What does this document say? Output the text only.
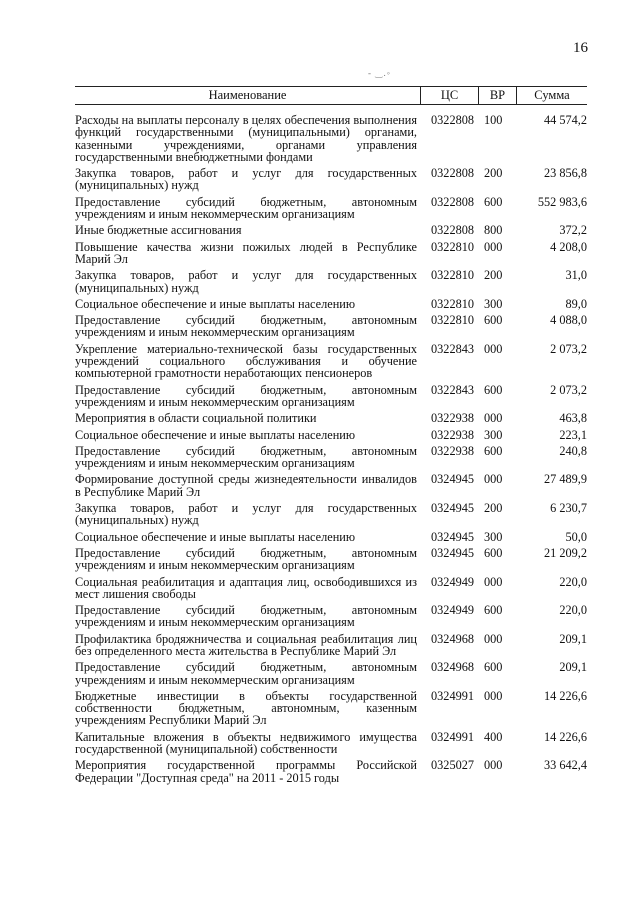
16
- ‿.◦
Наименование	ЦС	ВР	Сумма
Расходы на выплаты персоналу в целях обеспечения выполнения функций государственными (муниципальными) органами, казенными учреждениями, органами управления государственными внебюджетными фондами
0322808 100	44 574,2
Закупка товаров, работ и услуг для государственных (муниципальных) нужд
0322808 200	23 856,8
Предоставление субсидий бюджетным, автономным учреждениям и иным некоммерческим организациям
0322808 600	552 983,6
Иные бюджетные ассигнования	0322808 800	372,2
Повышение качества жизни пожилых людей в Республике Марий Эл
0322810 000	4 208,0
Закупка товаров, работ и услуг для государственных (муниципальных) нужд
0322810 200	31,0
Социальное обеспечение и иные выплаты населению	0322810 300	89,0
Предоставление субсидий бюджетным, автономным учреждениям и иным некоммерческим организациям
0322810 600	4 088,0
Укрепление материально-технической базы государственных учреждений социального обслуживания и обучение компьютерной грамотности неработающих пенсионеров
0322843 000	2 073,2
Предоставление субсидий бюджетным, автономным учреждениям и иным некоммерческим организациям
0322843 600	2 073,2
Мероприятия в области социальной политики	0322938 000	463,8
Социальное обеспечение и иные выплаты населению	0322938 300	223,1
Предоставление субсидий бюджетным, автономным учреждениям и иным некоммерческим организациям
0322938 600	240,8
Формирование доступной среды жизнедеятельности инвалидов в Республике Марий Эл
0324945 000	27 489,9
Закупка товаров, работ и услуг для государственных (муниципальных) нужд
0324945 200	6 230,7
Социальное обеспечение и иные выплаты населению	0324945 300	50,0
Предоставление субсидий бюджетным, автономным учреждениям и иным некоммерческим организациям
0324945 600	21 209,2
Социальная реабилитация и адаптация лиц, освободившихся из мест лишения свободы
0324949 000	220,0
Предоставление субсидий бюджетным, автономным учреждениям и иным некоммерческим организациям
0324949 600	220,0
Профилактика бродяжничества и социальная реабилитация лиц без определенного места жительства в Республике Марий Эл
0324968 000	209,1
Предоставление субсидий бюджетным, автономным учреждениям и иным некоммерческим организациям
0324968 600	209,1
Бюджетные инвестиции в объекты государственной собственности бюджетным, автономным, казенным учреждениям Республики Марий Эл
0324991 000	14 226,6
Капитальные вложения в объекты недвижимого имущества государственной (муниципальной) собственности
0324991 400	14 226,6
Мероприятия государственной программы Российской Федерации "Доступная среда" на 2011 - 2015 годы
0325027 000	33 642,4
